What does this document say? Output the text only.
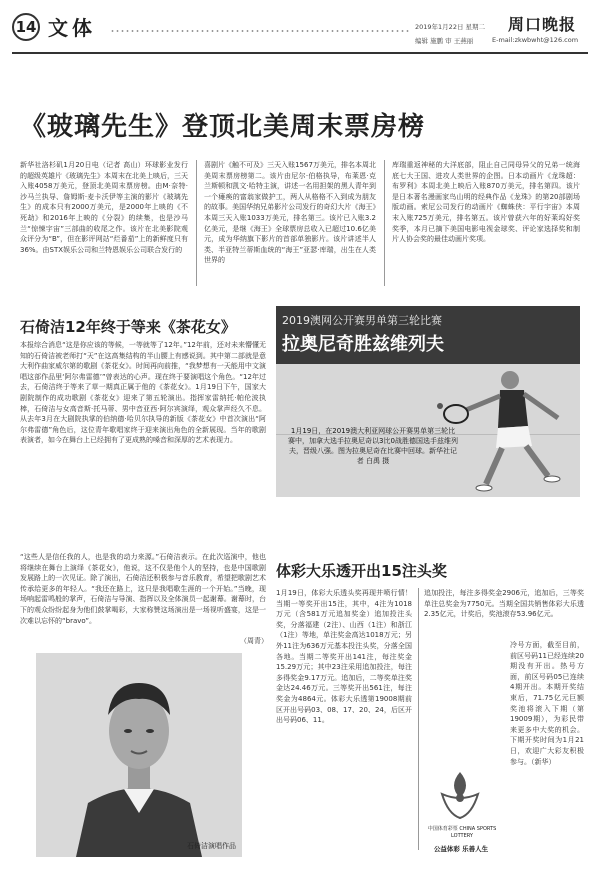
14 文体	2019年1月22日 星期二 周口晚报
编辑 施鹏 审 王燕丽	E-mail:zkwbwht@126.com
《玻璃先生》登顶北美周末票房榜
新华社洛杉矶1月20日电（记者 高山）环球影业发行的超级英雄片《玻璃先生》本周末在北美上映后，三天入账4058万美元，登顶北美周末票房榜。由M·奈特·沙马兰执导、詹姆斯·麦卡沃伊等主演的影片《玻璃先生》的成本只有2000万美元，是2000年上映的《不死劫》和2016年上映的《分裂》的续集，也是沙马兰“惊悚宇宙”三部曲的收尾之作。该片在北美影院观众评分为“B”，但在影评网站“烂番茄”上的新鲜度只有36%。由STX娱乐公司和兰特恩娱乐公司联合发行的
喜剧片《触不可及》三天入账1567万美元，排名本周北美周末票房榜第二。该片由尼尔·伯格执导，布莱恩·克兰斯顿和凯文·哈特主演，讲述一名用担架的黑人青年到一个瘫痪的富翁家做护工，两人从格格不入到成为朋友的故事。美国华纳兄弟影片公司发行的奇幻大片《海王》本周三天入账1033万美元，排名第三。该片已入账3.2亿美元，是继《海王》全球票房总收入已超过10.6亿美元，成为华纳旗下影片的首部单独影片。该片讲述半人类、半亚特兰蒂斯血统的“海王”亚瑟·库瑞，出生在人类世界的
库瑞重返神秘的大洋底部，阻止自己同母异父的兄弟一统海底七大王国、进攻人类世界的企图。日本动画片《龙珠超：布罗利》本周北美上映后入账870万美元，排名第四。该片是日本著名漫画家鸟山明的经典作品《龙珠》的第20部剧场版动画。索尼公司发行的动画片《蜘蛛侠：平行宇宙》本周末入账725万美元，排名第五。该片曾获六年的好莱坞好奖奖季，本月已摘下美国电影电视金球奖、评论家选择奖和制片人协会奖的最佳动画片奖项。
石倚洁12年终于等来《茶花女》
本报综合消息“这是你应该的等候，一等就等了12年。”12年前，还对未来懵懂无知的石倚洁被老师打“天”在这高集结构的半山腰上有感说到。其中第二部就是意大利作曲家威尔第的歌剧《茶花女》。时间再向前推，“我梦想有一天能用中文演唱这部作品里‘阿尔弗雷德’”曾表达的心声。现在终于要演唱这个角色。“12年过去，石倚洁终于等来了草一期真正属于他的《茶花女》。1月19日下午，国家大剧院制作的成功歌剧《茶花女》迎来了第五轮演出。指挥家雷纳托·帕伦波执棒，石倚洁与女高音斯·托马蒂、男中音亚西·阿尔宾演绎，观众掌声经久不息。从去年3月在大剧院执掌的伯纳德·哈贝尔执导的新版《茶花女》中首次演出“阿尔弗雷德”角色后，这位青年歌唱家终于迎来演出角色的全新展现。当年的歌剧表演者，如今在舞台上已经拥有了更成熟的嗓音和深厚的艺术表现力。
“这些人是信任我的人，也是我的动力来源。”石倚洁表示。在此次巡演中，他也将继续在舞台上演绎《茶花女》，他说，这不仅是他个人的坚持，也是中国歌剧发展路上的一次见证。除了演出，石倚洁还积极参与音乐教育，希望把歌剧艺术传承给更多的年轻人。“我还在路上，这只是我唱歌生涯的一个开始。”当晚，现场响起雷鸣般的掌声，石倚洁与导演、指挥以及全体演员一起谢幕。谢幕时，台下的观众纷纷起身为他们鼓掌喝彩，大家称赞这场演出是一场视听盛宴，这是一次难以忘怀的“bravo”。
（周青）
石倚洁演唱作品
2019澳网公开赛男单第三轮比赛
拉奥尼奇胜兹维列夫
1月19日，在2019澳大利亚网球公开赛男单第三轮比赛中，加拿大选手拉奥尼奇以3比0战胜德国选手兹维列夫，晋级八强。图为拉奥尼奇在比赛中回球。新华社记者 白禹 摄
体彩大乐透开出15注头奖
1月19日，体彩大乐透头奖再现井喷行情！当期一等奖开出15注，其中，4注为1018万元（含581万元追加奖金）追加投注头奖，分落福建（2注）、山西（1注）和浙江（1注）等地，单注奖金高达1018万元；另外11注为636万元基本投注头奖，分落全国各地。当期二等奖开出141注，每注奖金15.29万元；其中23注采用追加投注，每注多得奖金9.17万元。追加后，二等奖单注奖金达24.46万元。三等奖开出561注，每注奖金为4864元。体彩大乐透第19008期前区开出号码03、08、17、20、24，后区开出号码06、11。
追加投注，每注多得奖金2906元，追加后，三等奖单注总奖金为7750元。当期全国共销售体彩大乐透2.35亿元，计奖后，奖池滚存53.96亿元。
冷号方面，截至目前，前区号码11已经连续20期没有开出。热号方面，前区号码05已连续4期开出。本期开奖结束后，71.75亿元巨额奖池将滚入下期（第19009期），为彩民带来更多中大奖的机会。下期开奖时间为1月21日，欢迎广大彩友积极参与。（新华）
中国体育彩票 CHINA SPORTS LOTTERY
公益体彩 乐善人生
